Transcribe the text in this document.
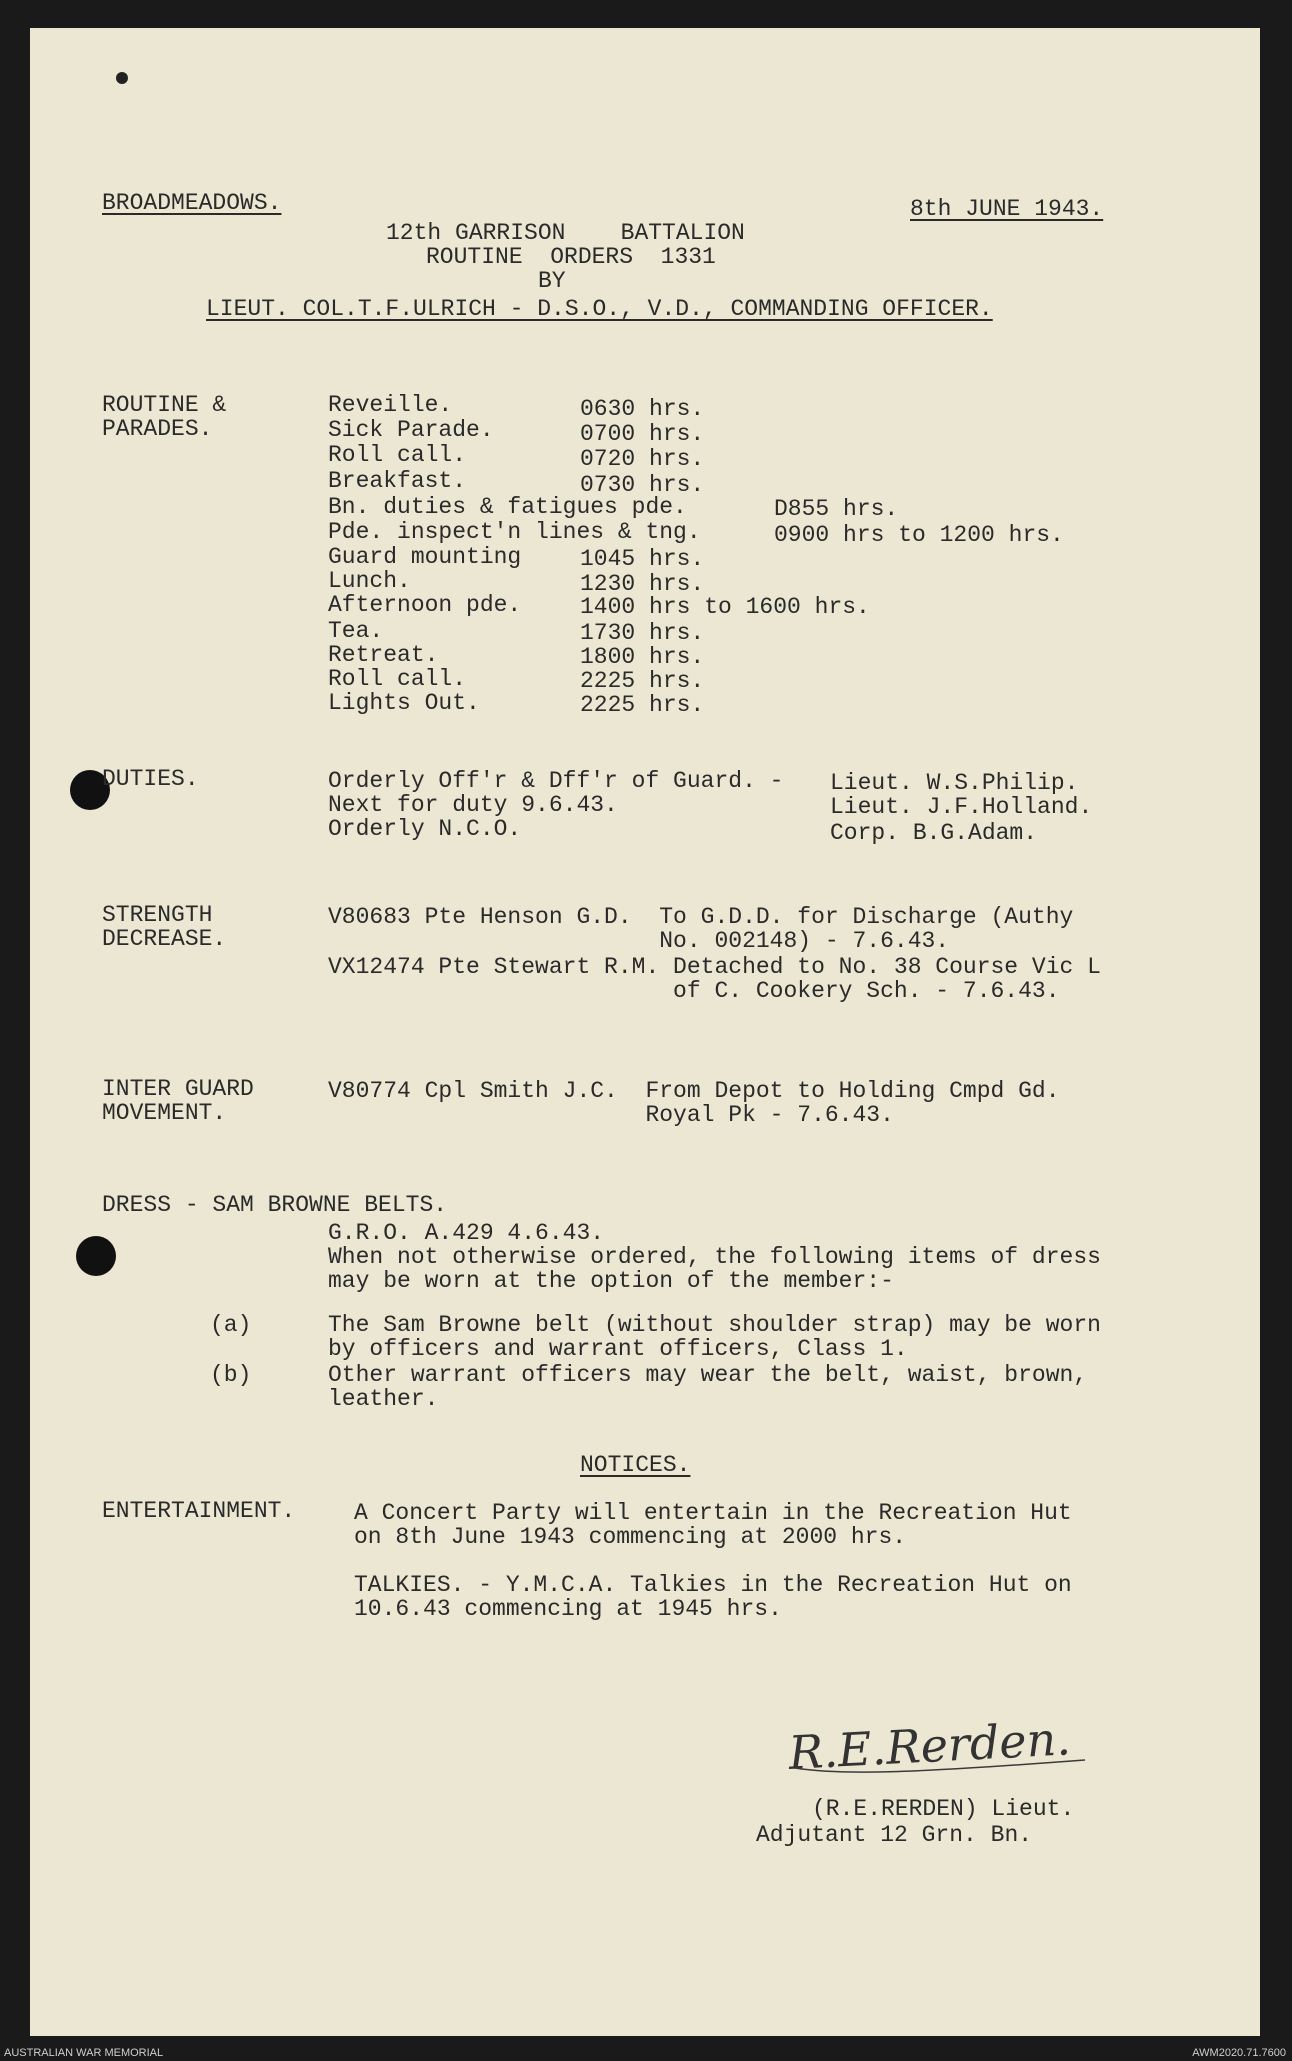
BROADMEADOWS.	8th JUNE 1943.
12th GARRISON    BATTALION
ROUTINE  ORDERS  1331
BY
LIEUT. COL.T.F.ULRICH - D.S.O., V.D., COMMANDING OFFICER.
ROUTINE &
PARADES.
Reveille.	0630 hrs.
Sick Parade.	0700 hrs.
Roll call.	0720 hrs.
Breakfast.	0730 hrs.
Bn. duties & fatigues pde.	D855 hrs.
Pde. inspect'n lines & tng.	0900 hrs to 1200 hrs.
Guard mounting	1045 hrs.
Lunch.	1230 hrs.
Afternoon pde.	1400 hrs to 1600 hrs.
Tea.	1730 hrs.
Retreat.	1800 hrs.
Roll call.	2225 hrs.
Lights Out.	2225 hrs.
DUTIES.	Orderly Off'r & Dff'r of Guard. - Lieut. W.S.Philip.
Next for duty 9.6.43.	Lieut. J.F.Holland.
Orderly N.C.O.	Corp. B.G.Adam.
STRENGTH
DECREASE.
V80683 Pte Henson G.D.  To G.D.D. for Discharge (Authy
No. 002148) - 7.6.43.
VX12474 Pte Stewart R.M. Detached to No. 38 Course Vic L
of C. Cookery Sch. - 7.6.43.
INTER GUARD
MOVEMENT.
V80774 Cpl Smith J.C.  From Depot to Holding Cmpd Gd.
Royal Pk - 7.6.43.
DRESS - SAM BROWNE BELTS.
G.R.O. A.429 4.6.43.
When not otherwise ordered, the following items of dress
may be worn at the option of the member:-
(a)	The Sam Browne belt (without shoulder strap) may be worn
by officers and warrant officers, Class 1.
(b)	Other warrant officers may wear the belt, waist, brown,
leather.
NOTICES.
ENTERTAINMENT.	A Concert Party will entertain in the Recreation Hut
on 8th June 1943 commencing at 2000 hrs.
TALKIES. - Y.M.C.A. Talkies in the Recreation Hut on
10.6.43 commencing at 1945 hrs.
R.E.Rerden.
(R.E.RERDEN) Lieut.
Adjutant 12 Grn. Bn.
AUSTRALIAN WAR MEMORIAL	AWM2020.71.7600
